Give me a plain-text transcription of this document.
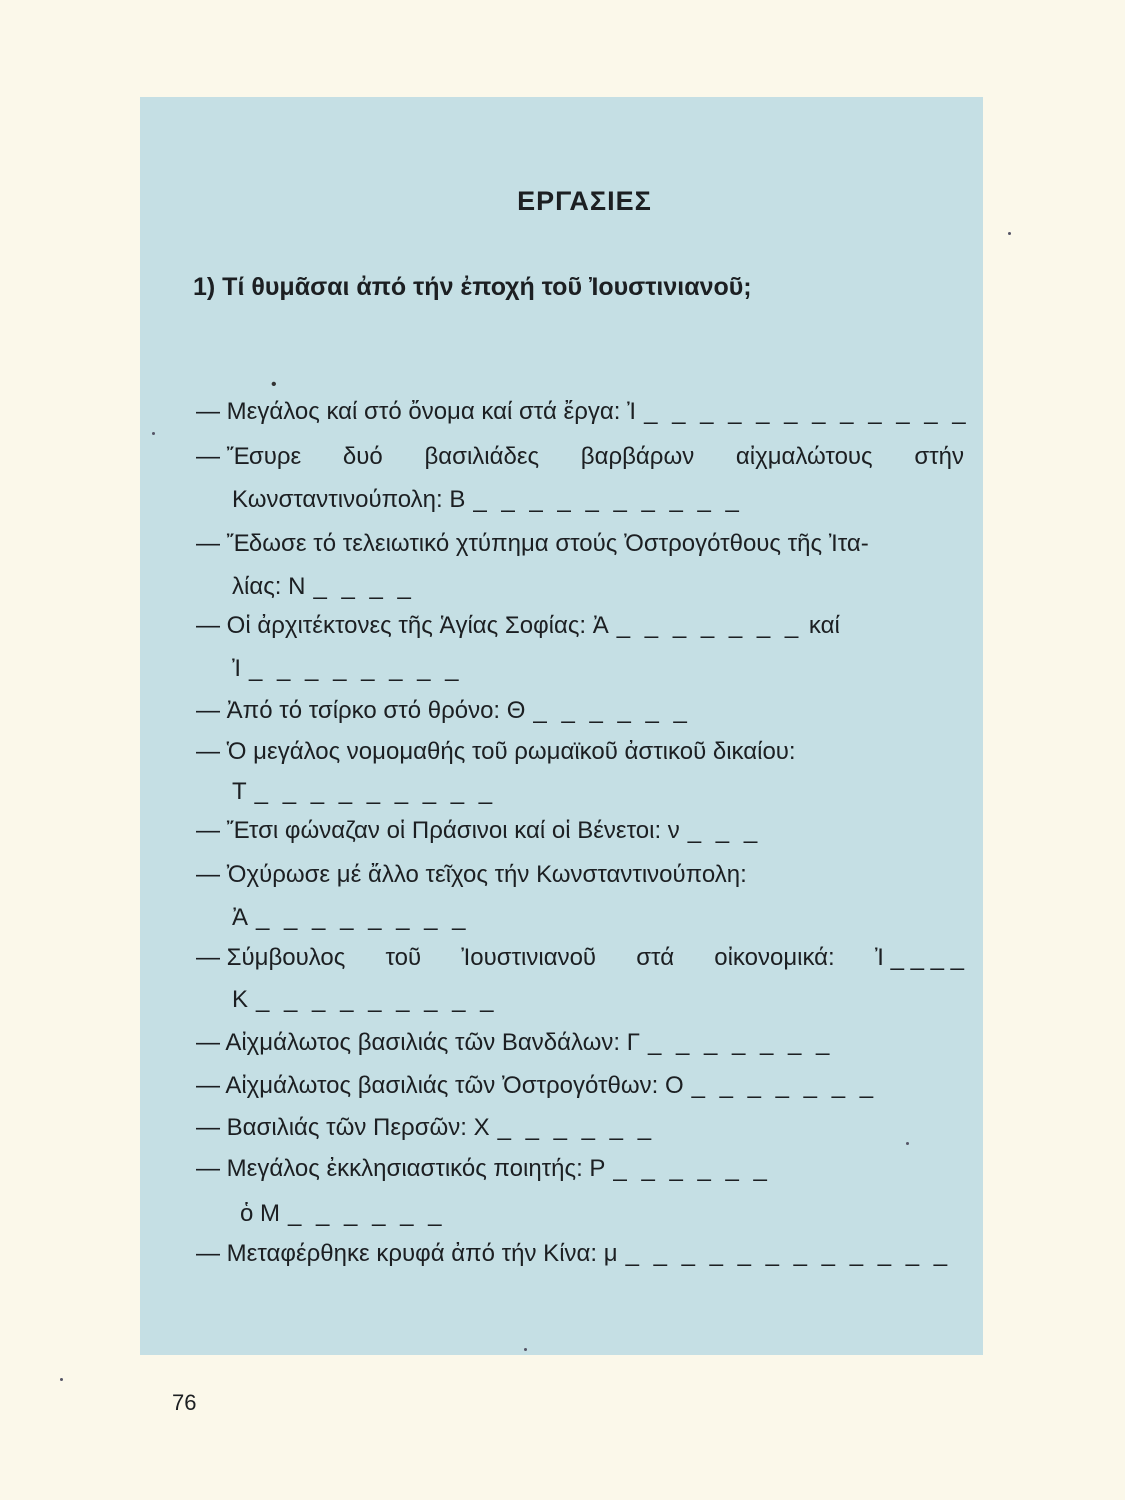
ΕΡΓΑΣΙΕΣ
1) Τί θυμᾶσαι ἀπό τήν ἐποχή τοῦ Ἰουστινιανοῦ;
•
— Μεγάλος καί στό ὄνομα καί στά ἔργα: Ἰ _ _ _ _ _ _ _ _ _ _ _ _
— Ἔσυρε δυό βασιλιάδες βαρβάρων αἰχμαλώτους στήν
Κωνσταντινούπολη: Β _ _ _ _ _ _ _ _ _ _
— Ἔδωσε τό τελειωτικό χτύπημα στούς Ὀστρογότθους τῆς Ἰτα-
λίας: Ν _ _ _ _
— Οἱ ἀρχιτέκτονες τῆς Ἁγίας Σοφίας: Ἀ _ _ _ _ _ _ _ καί
Ἰ _ _ _ _ _ _ _ _
— Ἀπό τό τσίρκο στό θρόνο: Θ _ _ _ _ _ _
— Ὁ μεγάλος νομομαθής τοῦ ρωμαϊκοῦ ἀστικοῦ δικαίου:
Τ _ _ _ _ _ _ _ _ _
— Ἔτσι φώναζαν οἱ Πράσινοι καί οἱ Βένετοι: ν _ _ _
— Ὀχύρωσε μέ ἄλλο τεῖχος τήν Κωνσταντινούπολη:
Ἀ _ _ _ _ _ _ _ _
— Σύμβουλος τοῦ Ἰουστινιανοῦ στά οἰκονομικά: Ἰ _ _ _ _
Κ _ _ _ _ _ _ _ _ _
— Αἰχμάλωτος βασιλιάς τῶν Βανδάλων: Γ _ _ _ _ _ _ _
— Αἰχμάλωτος βασιλιάς τῶν Ὀστρογότθων: Ο _ _ _ _ _ _ _
— Βασιλιάς τῶν Περσῶν: Χ _ _ _ _ _ _
— Μεγάλος ἐκκλησιαστικός ποιητής: Ρ _ _ _ _ _ _
ὁ Μ _ _ _ _ _ _
— Μεταφέρθηκε κρυφά ἀπό τήν Κίνα: μ _ _ _ _ _ _ _ _ _ _ _ _
76
